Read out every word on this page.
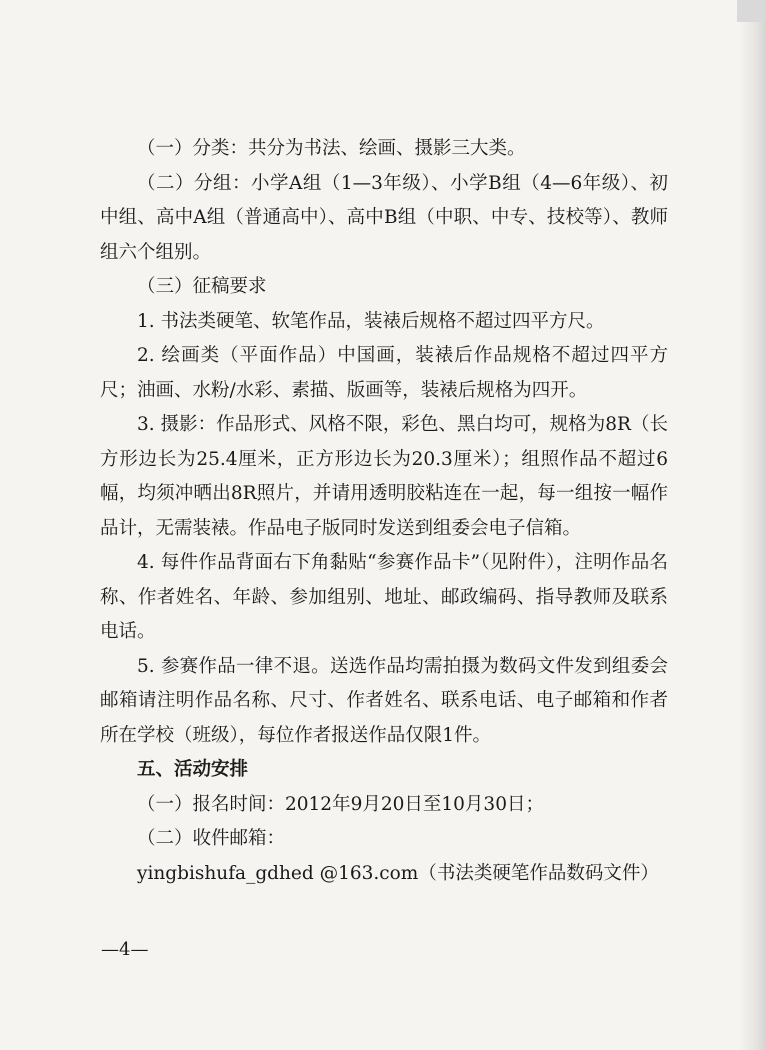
（一）分类：共分为书法、绘画、摄影三大类。

（二）分组：小学A组（1—3年级）、小学B组（4—6年级）、初中组、高中A组（普通高中）、高中B组（中职、中专、技校等）、教师组六个组别。

（三）征稿要求

1. 书法类硬笔、软笔作品，装裱后规格不超过四平方尺。

2. 绘画类（平面作品）中国画，装裱后作品规格不超过四平方尺；油画、水粉/水彩、素描、版画等，装裱后规格为四开。

3. 摄影：作品形式、风格不限，彩色、黑白均可，规格为8R（长方形边长为25.4厘米，正方形边长为20.3厘米）；组照作品不超过6幅，均须冲晒出8R照片，并请用透明胶粘连在一起，每一组按一幅作品计，无需装裱。作品电子版同时发送到组委会电子信箱。

4. 每件作品背面右下角黏贴“参赛作品卡”（见附件），注明作品名称、作者姓名、年龄、参加组别、地址、邮政编码、指导教师及联系电话。

5. 参赛作品一律不退。送选作品均需拍摄为数码文件发到组委会邮箱请注明作品名称、尺寸、作者姓名、联系电话、电子邮箱和作者所在学校（班级），每位作者报送作品仅限1件。

五、活动安排

（一）报名时间：2012年9月20日至10月30日；

（二）收件邮箱：

yingbishufa_gdhed @163.com（书法类硬笔作品数码文件）

—4—
